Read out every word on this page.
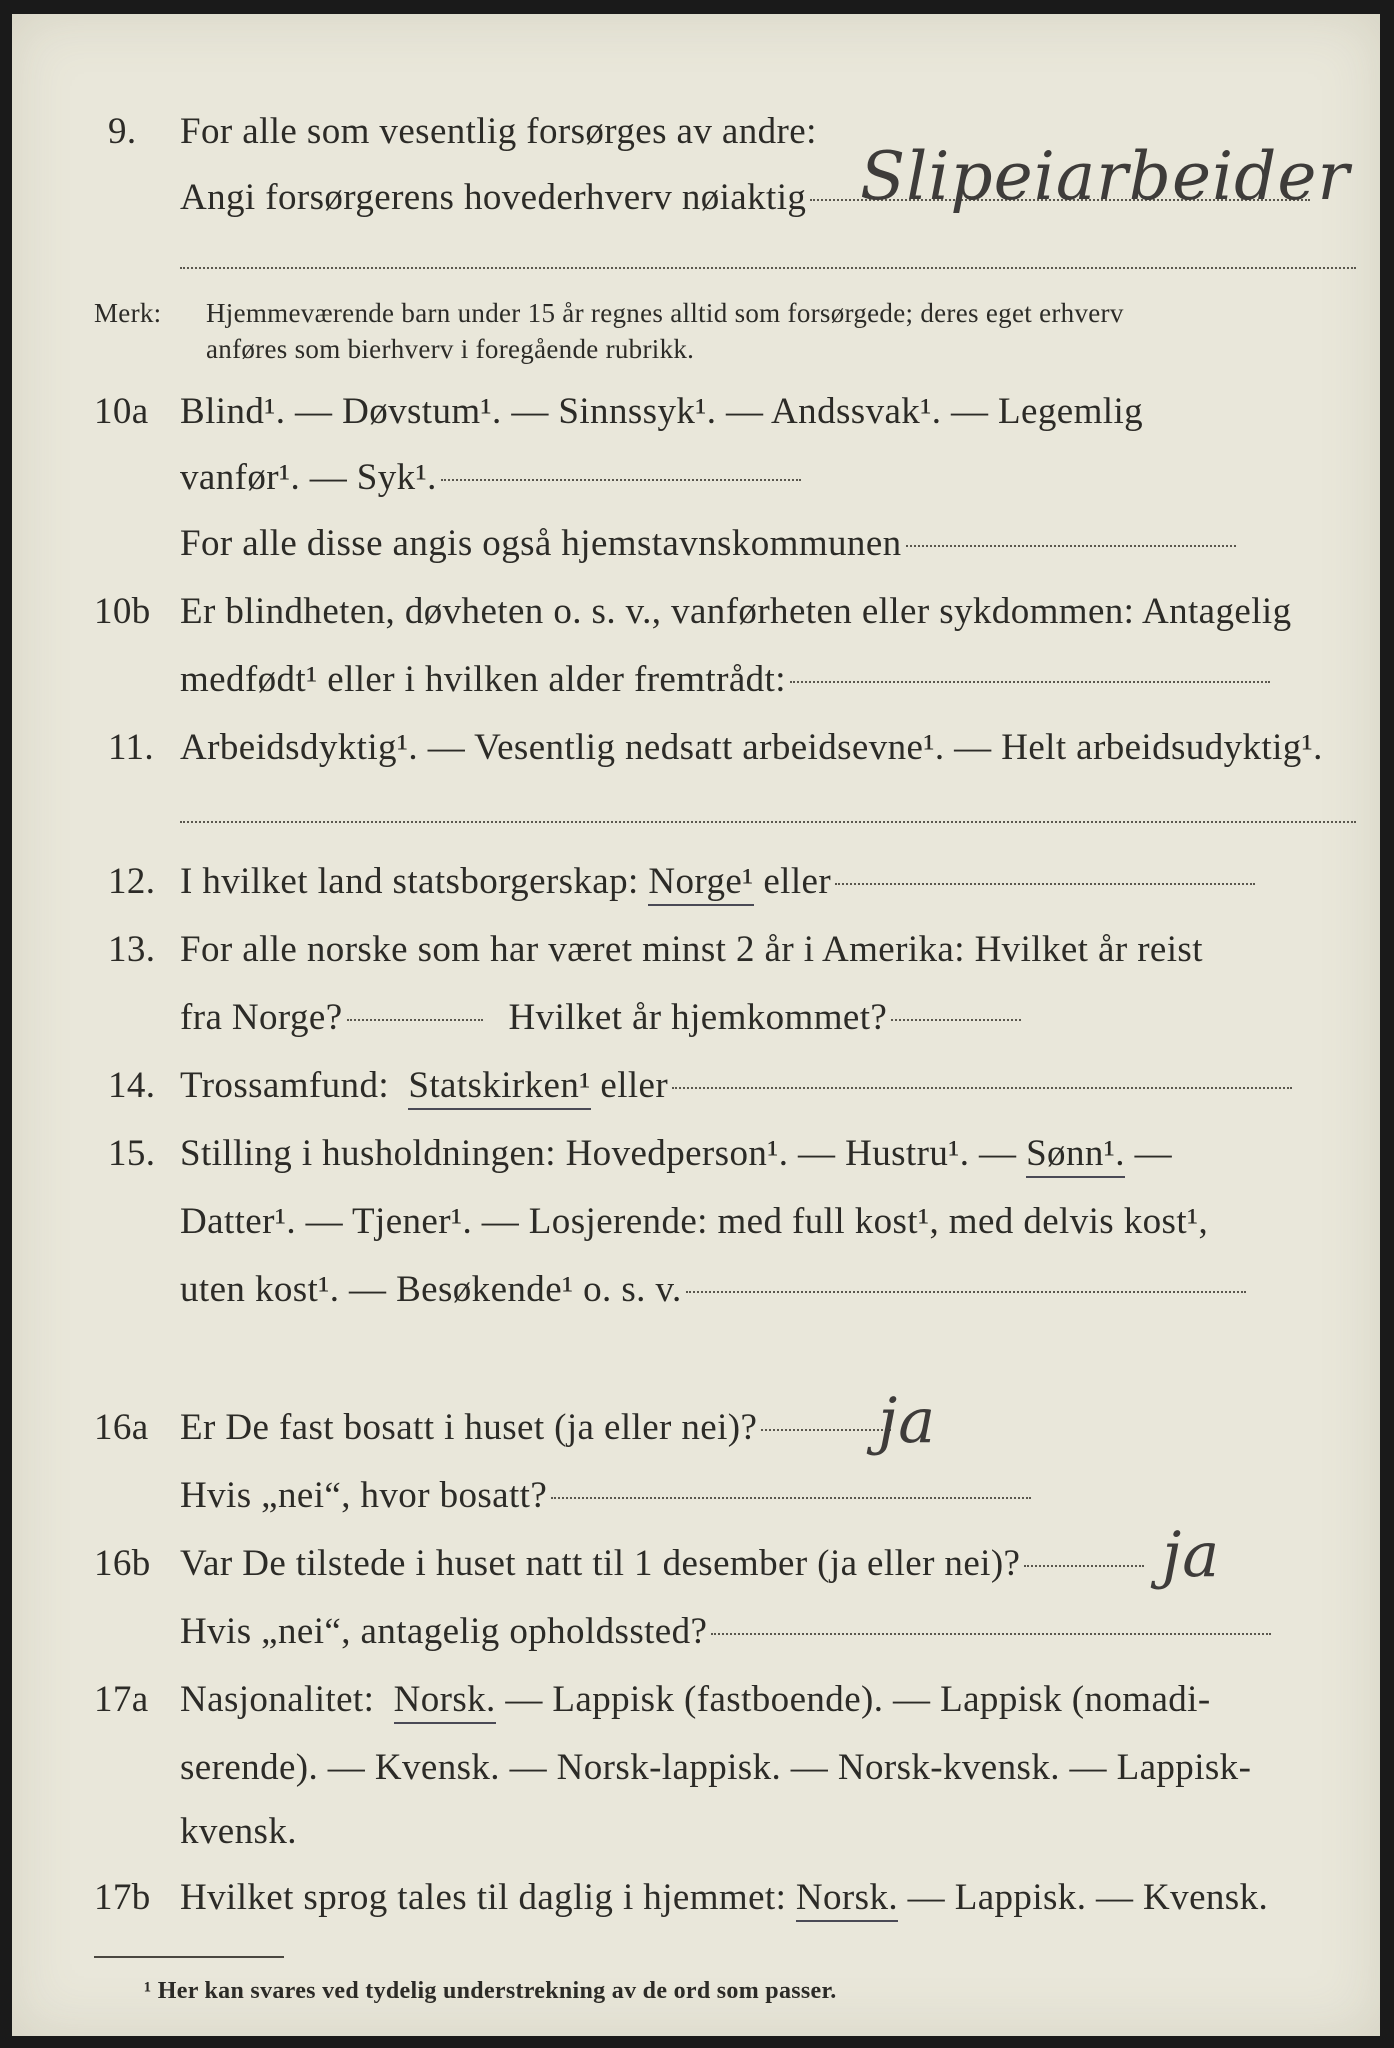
9. For alle som vesentlig forsørges av andre:
Angi forsørgerens hovederhverv nøiaktig Slipeiarbeider
Merk: Hjemmeværende barn under 15 år regnes alltid som forsørgede; deres eget erhverv
anføres som bierhverv i foregående rubrikk.
10a Blind¹. — Døvstum¹. — Sinnssyk¹. — Andssvak¹. — Legemlig
vanfør¹. — Syk¹.
For alle disse angis også hjemstavnskommunen
10b Er blindheten, døvheten o. s. v., vanførheten eller sykdommen: Antagelig
medfødt¹ eller i hvilken alder fremtrådt:
11. Arbeidsdyktig¹. — Vesentlig nedsatt arbeidsevne¹. — Helt arbeidsudyktig¹.
12. I hvilket land statsborgerskap:
Norge¹
eller
13. For alle norske som har været minst 2 år i Amerika: Hvilket år reist
fra Norge?	Hvilket år hjemkommet?
14. Trossamfund:
Statskirken¹
eller
15. Stilling i husholdningen: Hovedperson¹. — Hustru¹. —
Sønn¹.
—
Datter¹. — Tjener¹. — Losjerende: med full kost¹, med delvis kost¹,
uten kost¹. — Besøkende¹ o. s. v.
16a Er De fast bosatt i huset (ja eller nei)? ja
Hvis „nei“, hvor bosatt?
16b Var De tilstede i huset natt til 1 desember (ja eller nei)? ja
Hvis „nei“, antagelig opholdssted?
17a Nasjonalitet:
Norsk.
— Lappisk (fastboende). — Lappisk (nomadi-
serende). — Kvensk. — Norsk-lappisk. — Norsk-kvensk. — Lappisk-
kvensk.
17b Hvilket sprog tales til daglig i hjemmet:
Norsk.
— Lappisk. — Kvensk.
¹ Her kan svares ved tydelig understrekning av de ord som passer.
